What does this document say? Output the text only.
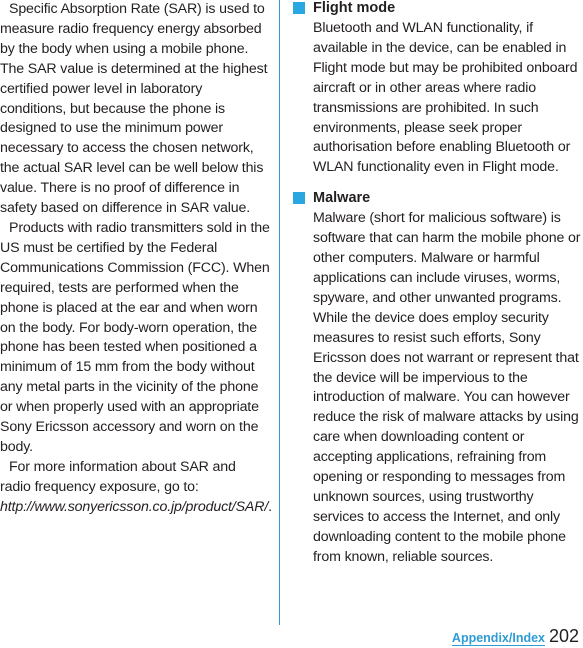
Specific Absorption Rate (SAR) is used to measure radio frequency energy absorbed by the body when using a mobile phone. The SAR value is determined at the highest certified power level in laboratory conditions, but because the phone is designed to use the minimum power necessary to access the chosen network, the actual SAR level can be well below this value. There is no proof of difference in safety based on difference in SAR value.

Products with radio transmitters sold in the US must be certified by the Federal Communications Commission (FCC). When required, tests are performed when the phone is placed at the ear and when worn on the body. For body-worn operation, the phone has been tested when positioned a minimum of 15 mm from the body without any metal parts in the vicinity of the phone or when properly used with an appropriate Sony Ericsson accessory and worn on the body.

For more information about SAR and radio frequency exposure, go to: http://www.sonyericsson.co.jp/product/SAR/.

Flight mode
Bluetooth and WLAN functionality, if available in the device, can be enabled in Flight mode but may be prohibited onboard aircraft or in other areas where radio transmissions are prohibited. In such environments, please seek proper authorisation before enabling Bluetooth or WLAN functionality even in Flight mode.
Malware
Malware (short for malicious software) is software that can harm the mobile phone or other computers. Malware or harmful applications can include viruses, worms, spyware, and other unwanted programs. While the device does employ security measures to resist such efforts, Sony Ericsson does not warrant or represent that the device will be impervious to the introduction of malware. You can however reduce the risk of malware attacks by using care when downloading content or accepting applications, refraining from opening or responding to messages from unknown sources, using trustworthy services to access the Internet, and only downloading content to the mobile phone from known, reliable sources.
Appendix/Index 202
